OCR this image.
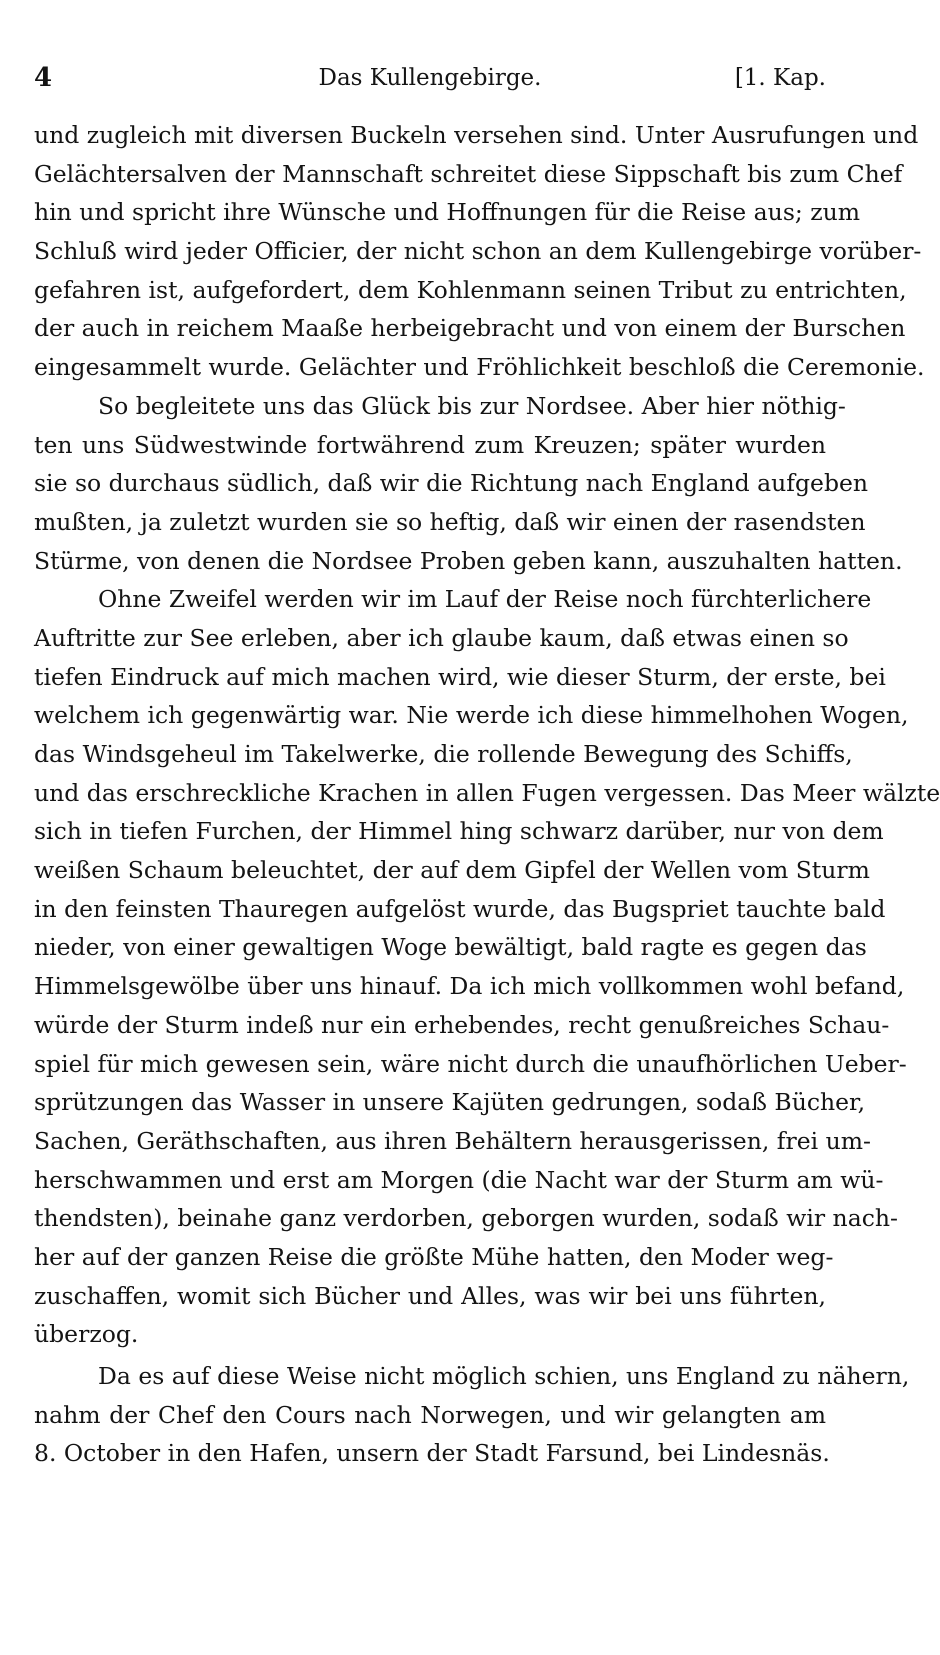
4	Das Kullengebirge.	[1. Kap.
und zugleich mit diversen Buckeln versehen sind. Unter Ausrufungen und
Gelächtersalven der Mannschaft schreitet diese Sippschaft bis zum Chef
hin und spricht ihre Wünsche und Hoffnungen für die Reise aus; zum
Schluß wird jeder Officier, der nicht schon an dem Kullengebirge vorüber-
gefahren ist, aufgefordert, dem Kohlenmann seinen Tribut zu entrichten,
der auch in reichem Maaße herbeigebracht und von einem der Burschen
eingesammelt wurde. Gelächter und Fröhlichkeit beschloß die Ceremonie.
So begleitete uns das Glück bis zur Nordsee. Aber hier nöthig-
ten uns Südwestwinde fortwährend zum Kreuzen; später wurden
sie so durchaus südlich, daß wir die Richtung nach England aufgeben
mußten, ja zuletzt wurden sie so heftig, daß wir einen der rasendsten
Stürme, von denen die Nordsee Proben geben kann, auszuhalten hatten.
Ohne Zweifel werden wir im Lauf der Reise noch fürchterlichere
Auftritte zur See erleben, aber ich glaube kaum, daß etwas einen so
tiefen Eindruck auf mich machen wird, wie dieser Sturm, der erste, bei
welchem ich gegenwärtig war. Nie werde ich diese himmelhohen Wogen,
das Windsgeheul im Takelwerke, die rollende Bewegung des Schiffs,
und das erschreckliche Krachen in allen Fugen vergessen. Das Meer wälzte
sich in tiefen Furchen, der Himmel hing schwarz darüber, nur von dem
weißen Schaum beleuchtet, der auf dem Gipfel der Wellen vom Sturm
in den feinsten Thauregen aufgelöst wurde, das Bugspriet tauchte bald
nieder, von einer gewaltigen Woge bewältigt, bald ragte es gegen das
Himmelsgewölbe über uns hinauf. Da ich mich vollkommen wohl befand,
würde der Sturm indeß nur ein erhebendes, recht genußreiches Schau-
spiel für mich gewesen sein, wäre nicht durch die unaufhörlichen Ueber-
sprützungen das Wasser in unsere Kajüten gedrungen, sodaß Bücher,
Sachen, Geräthschaften, aus ihren Behältern herausgerissen, frei um-
herschwammen und erst am Morgen (die Nacht war der Sturm am wü-
thendsten), beinahe ganz verdorben, geborgen wurden, sodaß wir nach-
her auf der ganzen Reise die größte Mühe hatten, den Moder weg-
zuschaffen, womit sich Bücher und Alles, was wir bei uns führten,
überzog.
Da es auf diese Weise nicht möglich schien, uns England zu nähern,
nahm der Chef den Cours nach Norwegen, und wir gelangten am
8. October in den Hafen, unsern der Stadt Farsund, bei Lindesnäs.
